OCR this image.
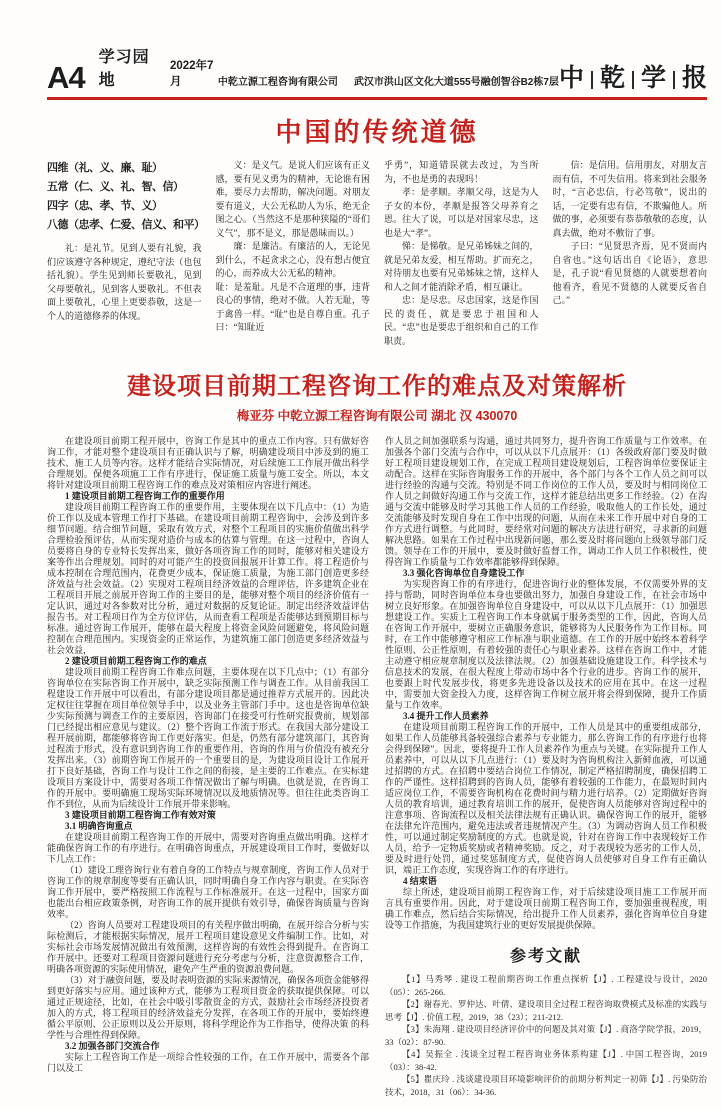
A4
学习园地
2022年7月	中乾立源工程咨询有限公司 武汉市洪山区文化大道555号融创智谷B2栋7层 中 乾 学 报
中国的传统道德

四维（礼、义、廉、耻）

五常（仁、义、礼、智、信）

四字（忠、孝、节、义）

八德（忠孝、仁爱、信义、和平）

礼：是礼节。见到人要有礼貌，我们应该遵守各种规定，遵纪守法（也包括礼貌）。学生见到师长要敬礼，见到父母要敬礼，见到客人要敬礼。不但表面上要敬礼，心里上更要恭敬，这是一个人的道德修养的体现。

义：是义气。是说人们应该有正义感，要有见义勇为的精神，无论谁有困难，要尽力去帮助，解决问题。对朋友要有道义，大公无私助人为乐，绝无企图之心。（当然这不是那种狭隘的“哥们义气”，那不是义，那是愚昧而以。）

廉：是廉洁。有廉洁的人，无论见到什么，不起贪求之心，没有想占便宜的心，而养成大公无私的精神。

耻：是羞耻。凡是不合道理的事，违背良心的事情，绝对不做。人若无耻，等于禽兽一样。“耻”也是自尊自重。孔子曰：“知耻近

乎勇”，知道错误就去改过，为当所为，不也是勇的表现吗！

孝：是孝顺。孝顺父母，这是为人子女的本份，孝顺是报答父母养育之恩。往大了说，可以是对国家尽忠，这也是大“孝”。

悌：是悌敬。是兄弟姊妹之间的，就是兄弟友爱，相互帮助。扩而充之，对待朋友也要有兄弟姊妹之情，这样人和人之间才能消除矛盾，相互谦让。

忠：是尽忠。尽忠国家，这是作国民的责任，就是要忠于祖国和人民。“忠”也是要忠于组织和自己的工作职责。

信：是信用。信用朋友，对朋友言而有信，不可失信用。将来到社会服务时，“言必忠信，行必笃敬”，说出的话，一定要有忠有信，不欺骗他人。所做的事，必须要有恭恭敬敬的态度，认真去做，绝对不敷衍了事。

子曰：“见贤思齐焉，见不贤而内自省也。”这句话出自《论语》，意思是，孔子说“看见贤德的人就要想着向他看齐，看见不贤德的人就要反省自己。”

建设项目前期工程咨询工作的难点及对策解析
梅亚芬 中乾立源工程咨询有限公司 湖北 汉 430070

在建设项目前期工程开展中，咨询工作是其中的重点工作内容。只有做好咨询工作，才能对整个建设项目有正确认识与了解，明确建设项目中涉及到的施工技术、施工人员等内容。这样才能结合实际情况，对后续施工工作展开做出科学合理规划。保便各项施工工作有序进行，保证施工质量与施工安全。所以，本文将针对建设项目前期工程咨询工作的难点及对策相应内容进行阐述。

1 建设项目前期工程咨询工作的重要作用

建设项目前期工程咨询工作的重要作用，主要体现在以下几点中：（1）为造价工作以及成本管理工作打下基础。在建设项目前期工程咨询中，会涉及到许多细节问题。结合细节问题，采取有效方式，对整个工程项目的实施价值做出科学合理检验预评估，从而实现对造价与成本的估算与管理。在这一过程中，咨询人员要将自身的专业特长发挥出来，做好各项咨询工作的同时，能够对相关建设方案等作出合理规划。同时的对可能产生的投资回报展开计算工作。将工程造价与成本控制在合理范围内，花费更少成本，保证施工质量，为施工部门创造更多经济效益与社会效益。（2）实现对工程项目经济效益的合理评估，许多建筑企业在工程项目开展之前展开咨询工作的主要目的是，能够对整个项目的经济价值有一定认识，通过对各参数对比分析，通过对数据的反复论证。制定出经济效益评估报告书。对工程项日作为全方位评估，从而查看工程项是否能够达到预期目标与标准。通过咨询工作展开，能够在最大程度上将资金风险问题避免，将风险问题控制在合理范围内。实现资金的正常运作，为建筑施工部门创造更多经济效益与社会效益，

2 建设项目前期工程咨询工作的难点

建设项目前期工程咨询工作难点问题，主要体现在以下几点中；（1）有部分咨询单位在实际咨询工作开展中，缺乏实际预测工作与调查工作。从目前我国工程建设工作开展中可以看出，有部分建设项目都是通过推荐方式展开的。因此决定权往往掌握在项目单位领导手中，以及业务主管部门手中。这也是咨询单位缺少实际预测与调查工作的主要原因，咨询部门在接受可行性研究报费前，规划部门已经提出相应意见与建议。（2）整个咨询工作流于形式。在我国大部分建设工程开展前期，都能够将咨询工作更好落实。但是，仍然有部分建筑部门，其咨询过程流于形式，没有意识到咨询工作的重要作用，咨询的作用与价值没有被充分发挥出来。（3）前期咨询工作展开的一个重要目的是，为建设项目设计工作展开打下良好基础，咨询工作与设计工作之间的衔接，是主要的工作难点。在实标建设项目方案设计中，需要对各项工作情况做出了解与明确。也就是说，在咨询工作的开展中。要明确施工现场实际环境情况以及地质情况等。但往往此类咨询工作不到位，从而为后续设计工作展开带来影响。

3 建设项目前期工程咨询工作有效对策

3.1 明确咨询重点

在建设项目前期工程咨询工作的开展中，需要对咨询重点做出明确。这样才能确保咨询工作的有序进行。在明确咨询重点，开展建设项目工作时，要做好以下几点工作：

（1）建设工理咨询行业有着自身的工作特点与规章制度，咨询工作人员对于咨询工作的规章制度等要有正确认识，同时明确自身工作内容与职责。在实际咨询工作开展中，要严格按照工作流程与工作标准展开。在这一过程中，国家方面也能出台相应政策条例，对咨询工作的展开提供有效引导，确保咨询质量与咨询效率。

（2）咨询人员要对工程建设项目的有关程序做出明确，在展开综合分析与实际检测后，才能根据实际情况，展开工程项目建设意见文件编制工作。比如，对实标社会市场发展情况做出有效预测，这样咨询的有效性会得到提升。在咨询工作开展中。还要对工程项目资源问题进行充分考虑与分析，注意资源整合工作，明确各项资源的实际使用情况，避免产生严重的资源浪费问题。

（3）对于融资问题，要及时表明资源的实际来源情况，确保各项资金能够得到更好落实与应用。通过该种方式，能够为工程项目资金的获取提供保障。可以通过正规途径，比如，在社会中吸引零散资金的方式，鼓励社会市场经济投资者加入的方式，将工程项目的经济效益充分发挥，在各项工作的开展中，要始终遵循公平原则、公正原则以及公开原则，将科学理论作为工作指导，使得决策 的科学性与合理性得到保障。

3.2 加强各部门交流合作

实际上工程咨询工作是一项综合性较强的工作，在工作开展中，需要各个部门以及工

作人员之间加强联系与沟通，通过共同努力，提升咨询工作质量与工作效率。在加强各个部门交流与合作中，可以从以下几点展开：（1）各级政府部门要及时做好工程项目建设规划工作，在完成工程项目建设规划后，工程咨询单位要保证主动配合。这样在实际咨询服务工作的开展中，各个部门与各个工作人员之间可以进行经验的沟通与交流。特别是不同工作岗位的工作人员，要及时与相同岗位工作人员之间做好沟通工作与交流工作，这样才能总结出更多工作经验。（2）在沟通与交流中能够及时学习其他工作人员的工作经验，吸取他人的工作长处，通过交流能够及时发现自身在工作中出现的问题，从而在未来工作开展中对自身的工作方式进行调整。与此同时，要经常对问题的解决方法进行研究，寻求新的问题解决思路。如果在工作过程中出现新问题，那么要及时将问题向上级领导部门反馈。领导在工作的开展中，要及时做好监督工作，调动工作人员工作积极性，使得咨询工作质量与工作效率都能够得到保障。

3.3 强化咨询单位自身建设工作

为实现咨询工作的有序进行，促进咨询行业的整体发展，不仅需要外界的支持与帮助，同时咨询单位本身也要做出努力，加强自身建设工作，在社会市场中树立良好形象。在加强咨询单位自身建设中，可以从以下几点展开：（1）加强思想建设工作。实质上工程咨询工作本身就属于服务类型的工作，因此，咨询人员在咨询工作开展中，要树立正确服务意识，能够将为人民服务作为工作目标。同时，在工作中能够遵守相应工作标准与职业道德。在工作的开展中始终本着科学性原则、公正性原则，有着较强的责任心与职业素养。这样在咨询工作中，才能主动遵守相应规章制度以及法律法规。（2）加强基础设施建设工作。科学技术与信息技术的发展，在很大程度上带动市场中各个行业的进步。咨询工作的展开，也要跟上时代发展步伐，将更多先进设备以及技术的应用在其中。在这一过程中，需要加大资金投入力度，这样咨询工作树立展开将会得到保障，提升工作质量与工作效率。

3.4 提升工作人员素养

在建设项目前期工程咨询工作的开展中，工作人员是其中的重要组成部分，如果工作人员能够具备较强综合素养与专业能力，那么咨询工作的有序进行也将会得到保障”。因北，要将提升工作人员素养作为重点与关键。在实际提升工作人员素养中，可以从以下几点进行：（1）要及时为咨询机构注入新鲜血液，可以通过招聘的方式。在招聘中要结合岗位工作情况，制定严格招聘制度，确保招聘工作的严谨性。这样招聘到的咨询人员，能够有着较强的工作能力，在最短时间内适应岗位工作，不需要咨询机构在花费时间与精力进行培养。（2）定期做好咨询人员的教育培训，通过教育培训工作的展开，促使咨询人员能够对咨询过程中的注意事项、咨询流程以及相关法律法规有正确认识。确保咨询工作的展开，能够在法律允许范围内，避免违法或者违规情况产生。（3）为调动咨询人员工作积极性，可以通过制定奖励制度的方式。也就是说，针对在咨询工作中表现较好工作人员，给予一定物质奖励或者精神奖励。反之，对于表现较为恶劣的工作人员，要及时进行处罚，通过奖惩制度方式，促使咨询人员使够对自身工作有正确认识，端正工作态度，实现咨询工作的有序进行。

4 结束语

综上所述，建设项目前期工程咨询工作，对于后续建设项目施工工作展开而言具有重要作用。因此，对于建设项日前期工程咨询工作，要加强重视程度，明确工作难点，然后结合实际情况，给出提升工作人员素养，强化咨询单位自身建设等工作措施，为我国建筑行业的更好发展提供保障。

参考文献

【1】马秀琴 . 建设工程前期咨询工作重点探析【J】. 工程建设与设计，2020（05）：265-266.

【2】谢春光、罗仲达、叶倩、建设项目全过程工程咨询取费模式及标准的实践与思考【J】. 价值工程，2019，38（23）；211-212.

【3】朱海翔 . 建设项目经济评价中的问题及其对策【J】. 商洛学院学报，2019，33（02）：87-90.

【4】吴振全 . 浅谈全过程工程咨询业务体系构建【J】. 中国工程咨询，2019（03）：38-42.

【5】瞿庆玲 . 浅谈建设项目环境影响评价的前期分析判定一初筛【J】. 污染防治技术，2018，31（06）：34-36.
